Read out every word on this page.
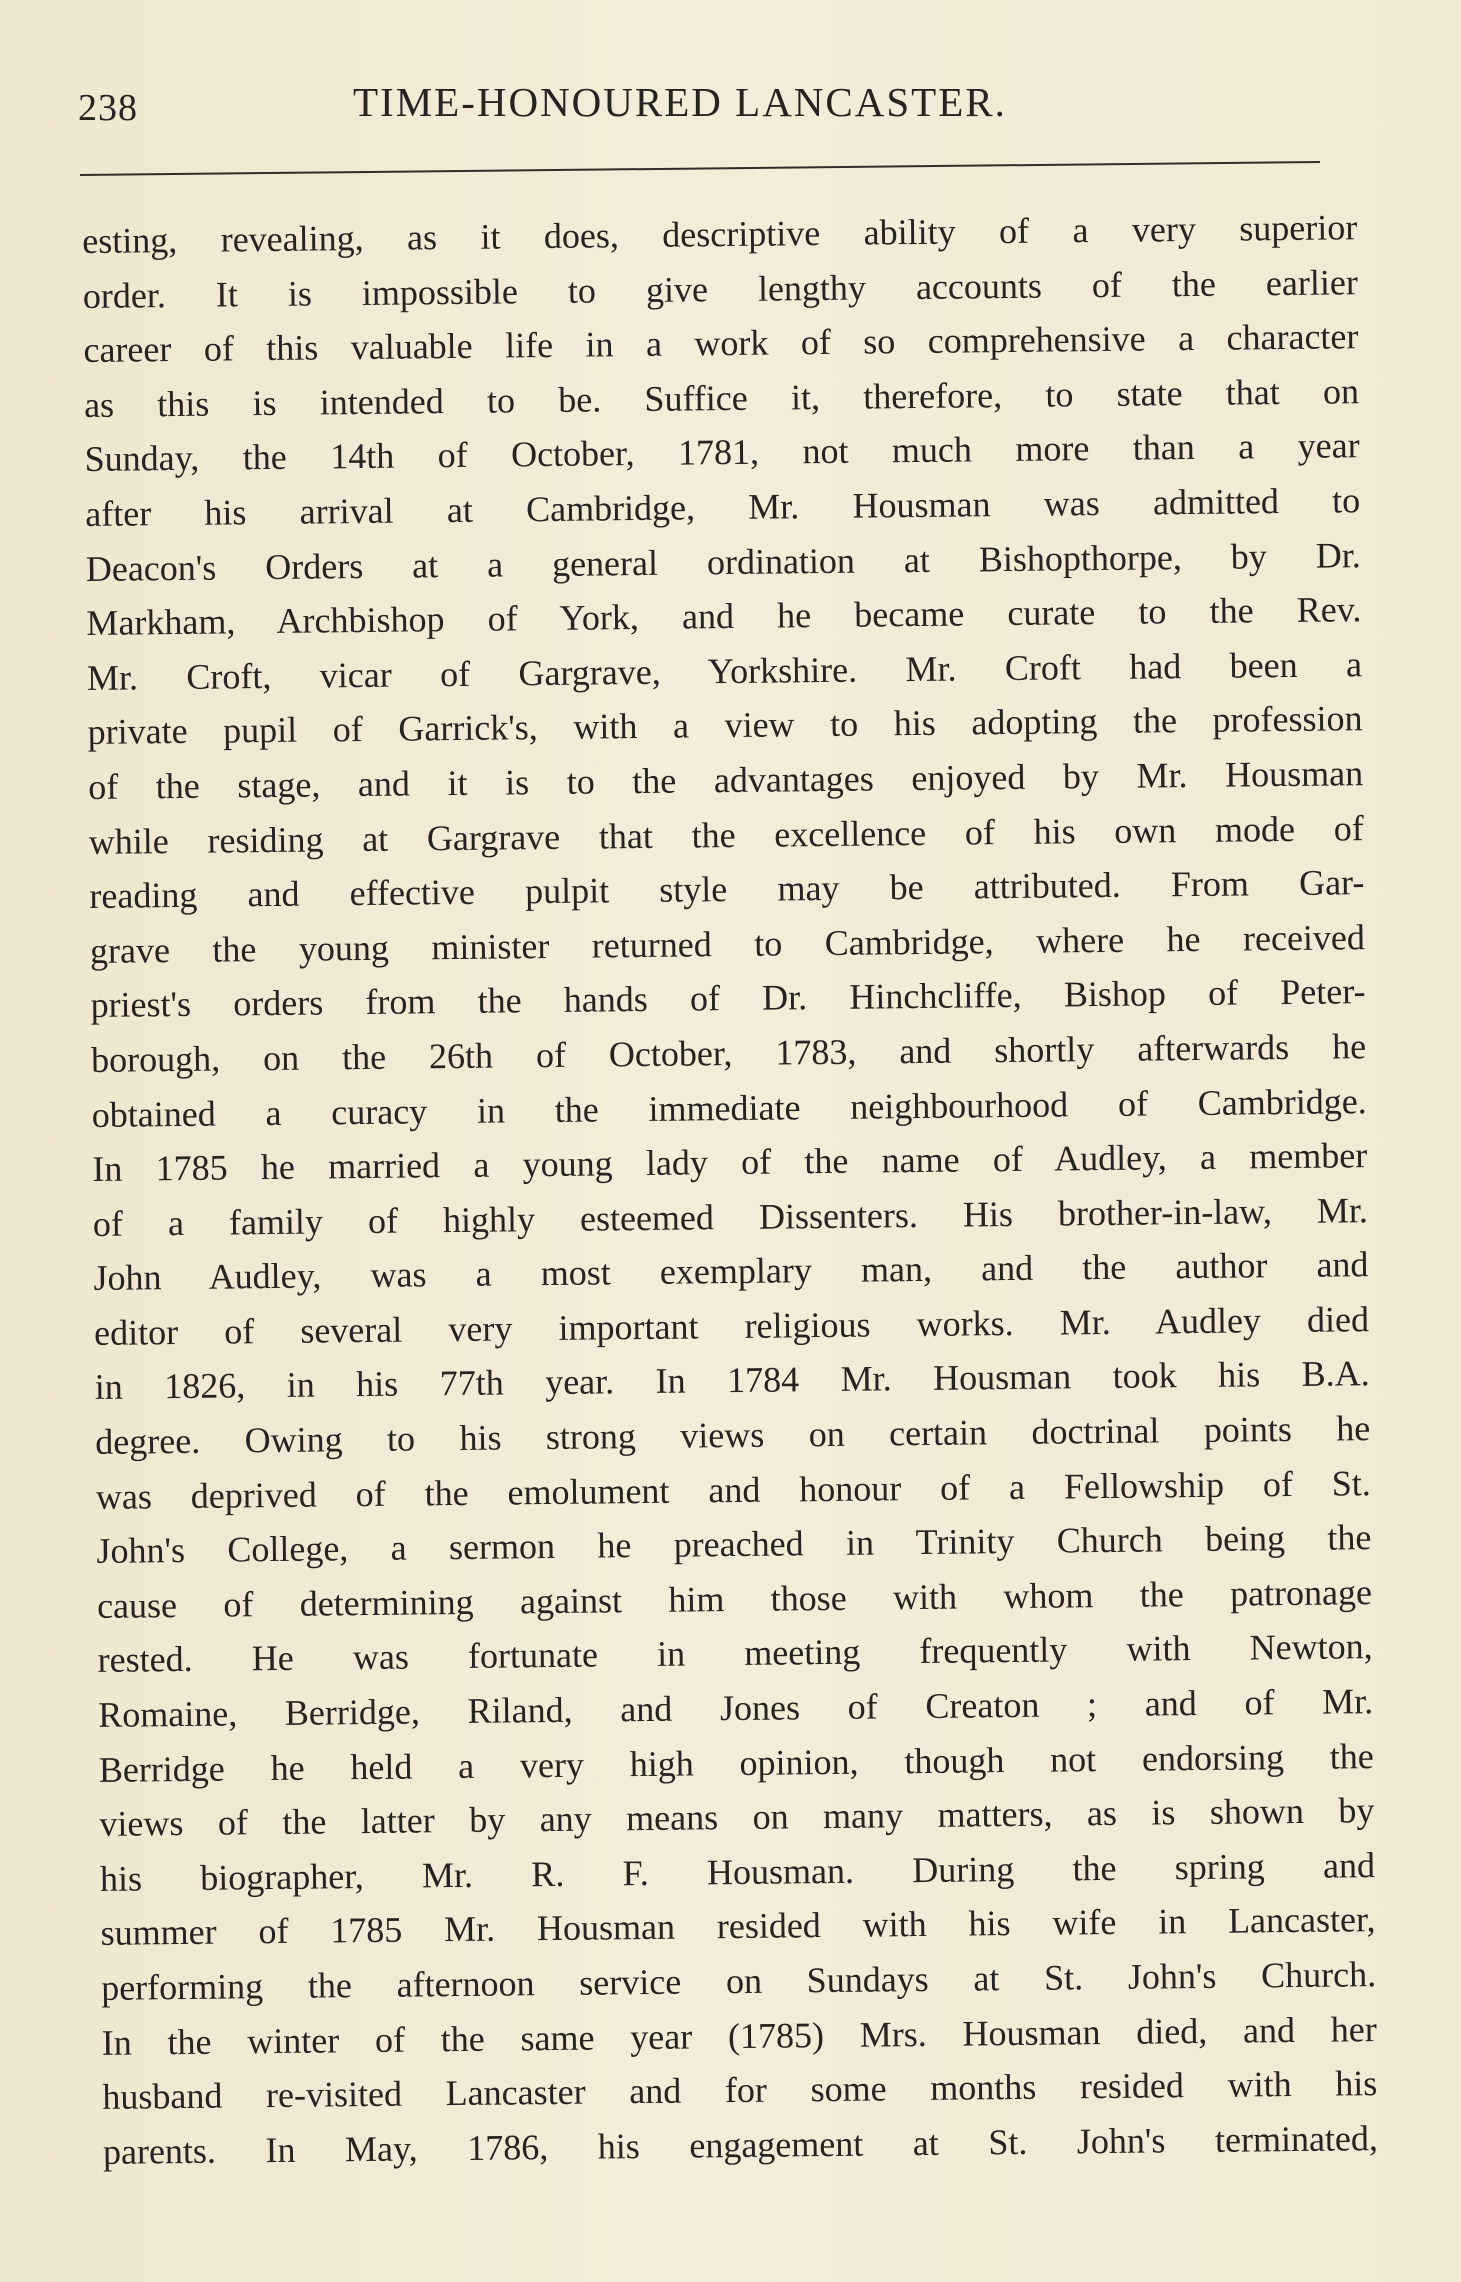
238	TIME-HONOURED LANCASTER.
esting, revealing, as it does, descriptive ability of a very superior
order. It is impossible to give lengthy accounts of the earlier
career of this valuable life in a work of so comprehensive a character
as this is intended to be. Suffice it, therefore, to state that on
Sunday, the 14th of October, 1781, not much more than a year
after his arrival at Cambridge, Mr. Housman was admitted to
Deacon's Orders at a general ordination at Bishopthorpe, by Dr.
Markham, Archbishop of York, and he became curate to the Rev.
Mr. Croft, vicar of Gargrave, Yorkshire. Mr. Croft had been a
private pupil of Garrick's, with a view to his adopting the profession
of the stage, and it is to the advantages enjoyed by Mr. Housman
while residing at Gargrave that the excellence of his own mode of
reading and effective pulpit style may be attributed. From Gar-
grave the young minister returned to Cambridge, where he received
priest's orders from the hands of Dr. Hinchcliffe, Bishop of Peter-
borough, on the 26th of October, 1783, and shortly afterwards he
obtained a curacy in the immediate neighbourhood of Cambridge.
In 1785 he married a young lady of the name of Audley, a member
of a family of highly esteemed Dissenters. His brother-in-law, Mr.
John Audley, was a most exemplary man, and the author and
editor of several very important religious works. Mr. Audley died
in 1826, in his 77th year. In 1784 Mr. Housman took his B.A.
degree. Owing to his strong views on certain doctrinal points he
was deprived of the emolument and honour of a Fellowship of St.
John's College, a sermon he preached in Trinity Church being the
cause of determining against him those with whom the patronage
rested. He was fortunate in meeting frequently with Newton,
Romaine, Berridge, Riland, and Jones of Creaton ; and of Mr.
Berridge he held a very high opinion, though not endorsing the
views of the latter by any means on many matters, as is shown by
his biographer, Mr. R. F. Housman. During the spring and
summer of 1785 Mr. Housman resided with his wife in Lancaster,
performing the afternoon service on Sundays at St. John's Church.
In the winter of the same year (1785) Mrs. Housman died, and her
husband re-visited Lancaster and for some months resided with his
parents. In May, 1786, his engagement at St. John's terminated,
